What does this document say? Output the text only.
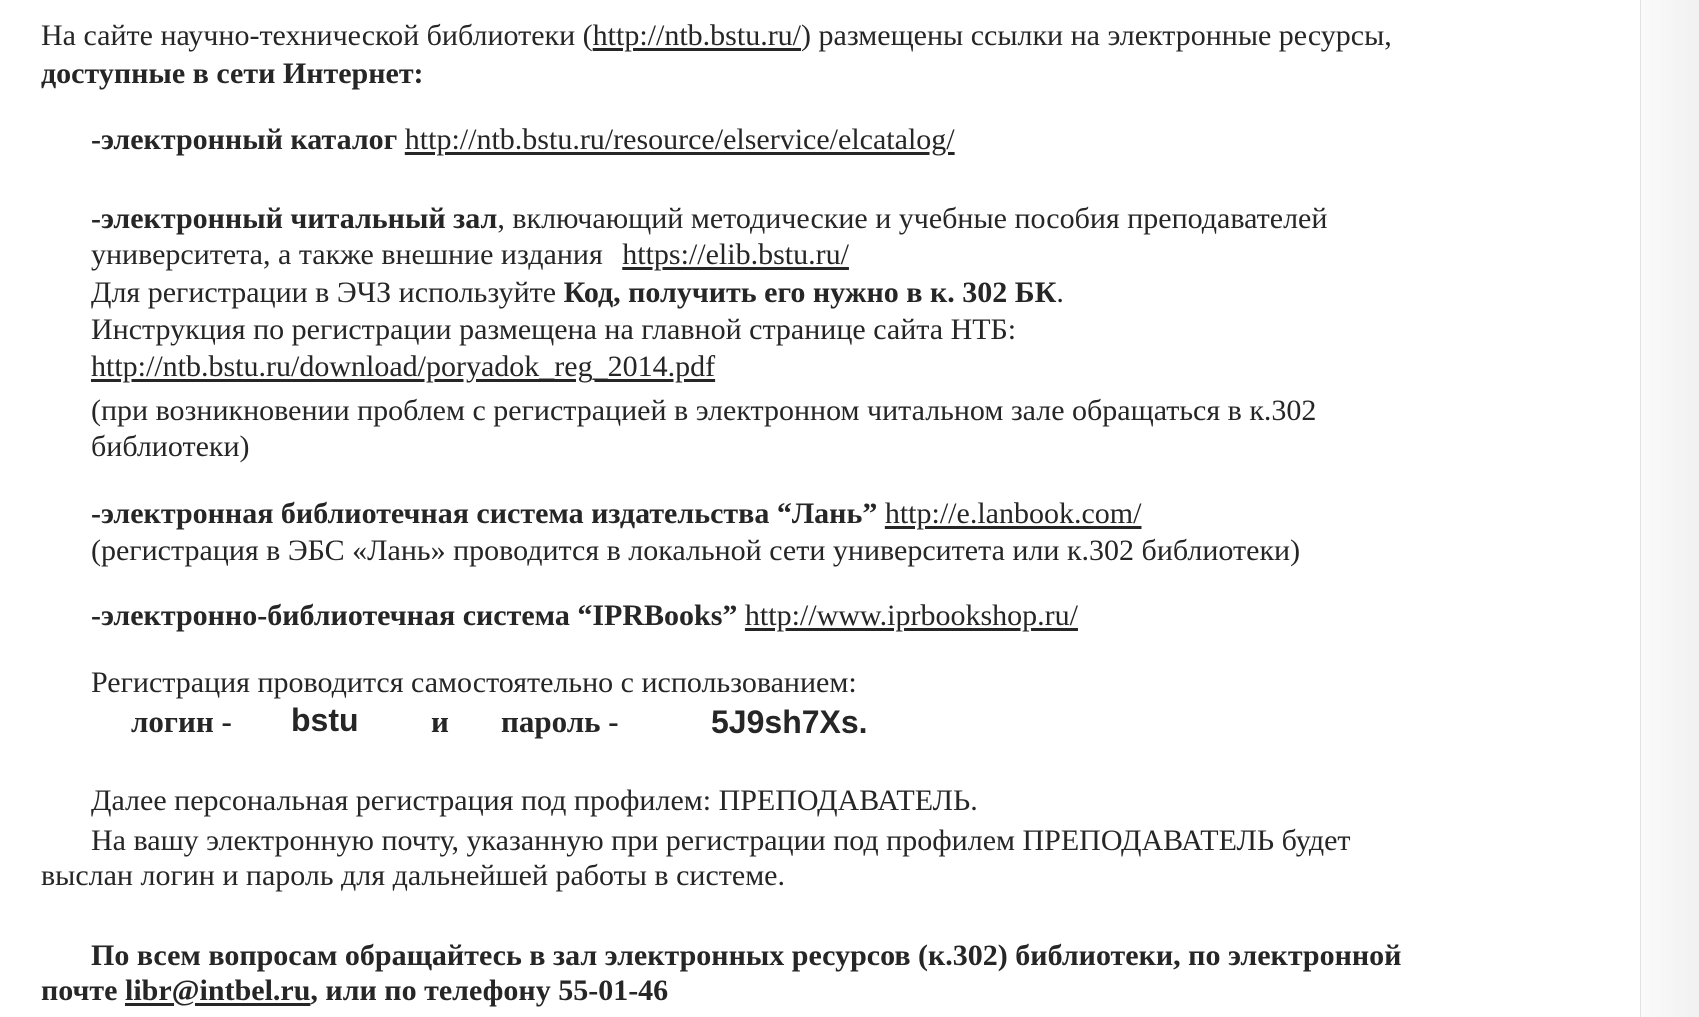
На сайте научно-технической библиотеки (http://ntb.bstu.ru/) размещены ссылки на электронные ресурсы,
доступные в сети Интернет:
-электронный каталог http://ntb.bstu.ru/resource/elservice/elcatalog/
-электронный читальный зал, включающий методические и учебные пособия преподавателей
университета, а также внешние издания https://elib.bstu.ru/
Для регистрации в ЭЧЗ используйте Код, получить его нужно в к. 302 БК.
Инструкция по регистрации размещена на главной странице сайта НТБ:
http://ntb.bstu.ru/download/poryadok_reg_2014.pdf
(при возникновении проблем с регистрацией в электронном читальном зале обращаться в к.302
библиотеки)
-электронная библиотечная система издательства “Лань” http://e.lanbook.com/
(регистрация в ЭБС «Лань» проводится в локальной сети университета или к.302 библиотеки)
-электронно-библиотечная система “IPRBooks” http://www.iprbookshop.ru/
Регистрация проводится самостоятельно с использованием:
логин - bstu и пароль -	5J9sh7Xs.
Далее персональная регистрация под профилем: ПРЕПОДАВАТЕЛЬ.
На вашу электронную почту, указанную при регистрации под профилем ПРЕПОДАВАТЕЛЬ будет
выслан логин и пароль для дальнейшей работы в системе.
По всем вопросам обращайтесь в зал электронных ресурсов (к.302) библиотеки, по электронной
почте libr@intbel.ru, или по телефону 55-01-46
